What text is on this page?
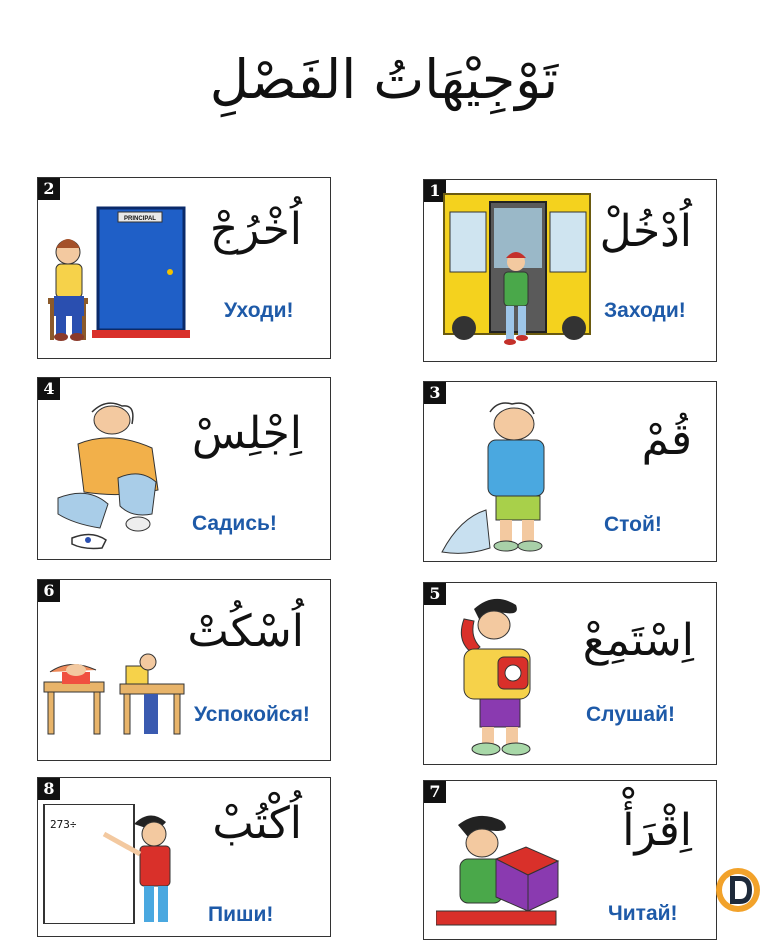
تَوْجِيْهَاتُ الفَصْلِ
2
PRINCIPAL اُخْرُجْ
Уходи!
1
اُدْخُلْ
Заходи!
4
اِجْلِسْ
Садись!
3
قُمْ
Стой!
6
اُسْكُتْ
Успокойся!
5
اِسْتَمِعْ
Слушай!
8
273÷	اُكْتُبْ
Пиши!
7
اِقْرَأْ
Читай!
